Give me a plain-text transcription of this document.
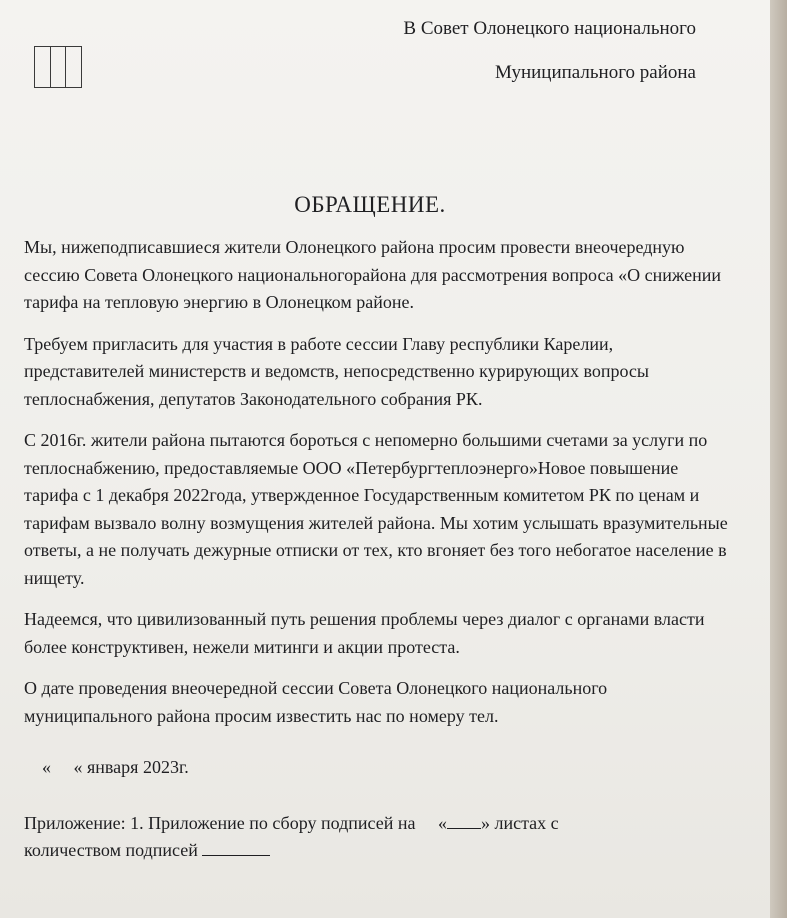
В Совет Олонецкого национального
Муниципального района
ОБРАЩЕНИЕ.

Мы, нижеподписавшиеся жители Олонецкого района просим провести внеочередную сессию Совета Олонецкого национальногорайона для рассмотрения вопроса «О снижении тарифа на тепловую энергию в Олонецком районе.

Требуем пригласить для участия в работе сессии Главу республики Карелии, представителей министерств и ведомств, непосредственно курирующих вопросы теплоснабжения, депутатов Законодательного собрания РК.

С 2016г. жители района пытаются бороться с непомерно большими счетами за услуги по теплоснабжению, предоставляемые ООО «Петербургтеплоэнерго»Новое повышение тарифа с 1 декабря 2022года, утвержденное Государственным комитетом РК по ценам и тарифам вызвало волну возмущения жителей района. Мы хотим услышать вразумительные ответы, а не получать дежурные отписки от тех, кто вгоняет без того небогатое население в нищету.

Надеемся, что цивилизованный путь решения проблемы через диалог с органами власти более конструктивен, нежели митинги и акции протеста.

О дате проведения внеочередной сессии Совета Олонецкого национального муниципального района просим известить нас по номеру тел.

« « января 2023г.

Приложение: 1. Приложение по сбору подписей на « » листах с
количеством подписей
